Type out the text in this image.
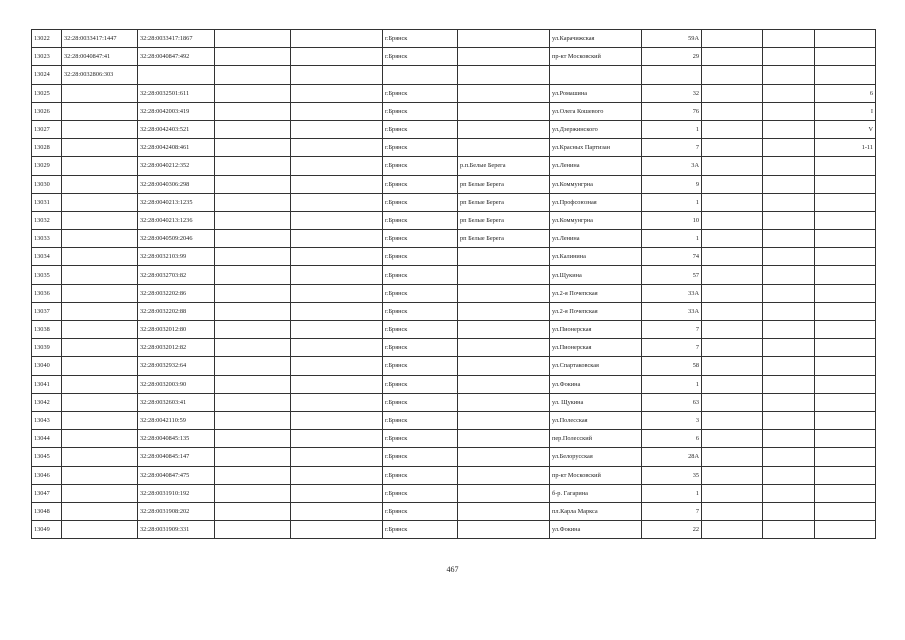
13022	32:28:0033417:1447	32:28:0033417:1867			г.Брянск		ул.Карачижская	59А			
13023	32:28:0040847:41	32:28:0040847:492			г.Брянск		пр-кт Московский	29			
13024	32:28:0032806:303										
13025		32:28:0032501:611			г.Брянск		ул.Ромашина	32			6
13026		32:28:0042003:419			г.Брянск		ул.Олега Кошевого	76			I
13027		32:28:0042403:521			г.Брянск		ул.Дзержинского	1			V
13028		32:28:0042408:461			г.Брянск		ул.Красных Партизан	7			1-11
13029		32:28:0040212:352			г.Брянск	р.п.Белые Берега	ул.Ленина	3А			
13030		32:28:0040306:298			г.Брянск	рп Белые Берега	ул.Коммунгрна	9			
13031		32:28:0040213:1235			г.Брянск	рп Белые Берега	ул.Профсоюзная	1			
13032		32:28:0040213:1236			г.Брянск	рп Белые Берега	ул.Коммунгрна	10			
13033		32:28:0040509:2046			г.Брянск	рп Белые Берега	ул.Ленина	1			
13034		32:28:0032103:99			г.Брянск		ул.Калинина	74			
13035		32:28:0032703:82			г.Брянск		ул.Щукина	57			
13036		32:28:0032202:86			г.Брянск		ул.2-я Почепская	33А			
13037		32:28:0032202:88			г.Брянск		ул.2-я Почепская	33А			
13038		32:28:0032012:80			г.Брянск		ул.Пионерская	7			
13039		32:28:0032012:82			г.Брянск		ул.Пионерская	7			
13040		32:28:0032932:64			г.Брянск		ул.Спартаковская	58			
13041		32:28:0032003:90			г.Брянск		ул.Фокина	1			
13042		32:28:0032603:41			г.Брянск		ул. Щукина	63			
13043		32:28:0042110:59			г.Брянск		ул.Полесская	3			
13044		32:28:0040845:135			г.Брянск		пер.Полесский	6			
13045		32:28:0040845:147			г.Брянск		ул.Белорусская	28А			
13046		32:28:0040847:475			г.Брянск		пр-кт Московский	35			
13047		32:28:0031910:192			г.Брянск		б-р. Гагарина	1			
13048		32:28:0031908:202			г.Брянск		пл.Карла Маркса	7			
13049		32:28:0031909:331			г.Брянск		ул.Фокина	22			
467
